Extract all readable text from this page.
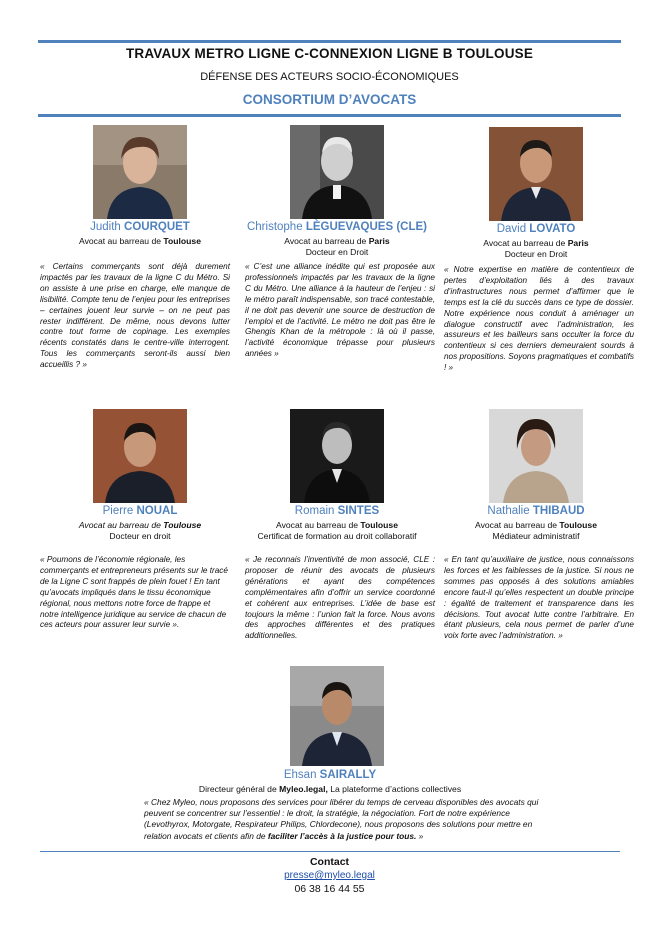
TRAVAUX METRO LIGNE C-CONNEXION LIGNE B TOULOUSE
DÉFENSE DES ACTEURS SOCIO-ÉCONOMIQUES
CONSORTIUM D’AVOCATS
Judith COURQUET
Avocat au barreau de Toulouse
Christophe LÈGUEVAQUES (CLE)
Avocat au barreau de Paris
Docteur en Droit
David LOVATO
Avocat au barreau de Paris
Docteur en Droit
« Certains commerçants sont déjà durement impactés par les travaux de la ligne C du Métro. Si on assiste à une prise en charge, elle manque de lisibilité. Compte tenu de l’enjeu pour les entreprises – certaines jouent leur survie – on ne peut pas rester indifférent. De même, nous devons lutter contre tout forme de copinage. Les exemples récents constatés dans le centre-ville interrogent. Tous les commerçants seront-ils aussi bien accueillis ? »
« C’est une alliance inédite qui est proposée aux professionnels impactés par les travaux de la ligne C du Métro. Une alliance à la hauteur de l’enjeu : si le métro paraît indispensable, son tracé contestable, il ne doit pas devenir une source de destruction de l’emploi et de l’activité. Le métro ne doit pas être le Ghengis Khan de la métropole : là où il passe, l’activité économique trépasse pour plusieurs années »
« Notre expertise en matière de contentieux de pertes d’exploitation liés à des travaux d’infrastructures nous permet d’affirmer que le temps est la clé du succès dans ce type de dossier. Notre expérience nous conduit à aménager un dialogue constructif avec l’administration, les assureurs et les bailleurs sans occulter la force du contentieux si ces derniers demeuraient sourds à nos propositions. Soyons pragmatiques et combatifs ! »
Pierre NOUAL
Avocat au barreau de Toulouse
Docteur en droit
Romain SINTES
Avocat au barreau de Toulouse
Certificat de formation au droit collaboratif
Nathalie THIBAUD
Avocat au barreau de Toulouse
Médiateur administratif
« Poumons de l’économie régionale, les commerçants et entrepreneurs présents sur le tracé de la Ligne C sont frappés de plein fouet ! En tant qu’avocats impliqués dans le tissu économique régional, nous mettons notre force de frappe et notre intelligence juridique au service de chacun de ces acteurs pour assurer leur survie ».
« Je reconnais l’inventivité de mon associé, CLE : proposer de réunir des avocats de plusieurs générations et ayant des compétences complémentaires afin d’offrir un service coordonné et cohérent aux entreprises. L’idée de base est toujours la même : l’union fait la force. Nous avons des approches différentes et des pratiques additionnelles.
« En tant qu’auxiliaire de justice, nous connaissons les forces et les faiblesses de la justice. Si nous ne sommes pas opposés à des solutions amiables encore faut-il qu’elles respectent un double principe : égalité de traitement et transparence dans les décisions. Tout avocat lutte contre l’arbitraire. En étant plusieurs, cela nous permet de parler d’une voix forte avec l’administration. »
Ehsan SAIRALLY
Directeur général de Myleo.legal, La plateforme d’actions collectives
« Chez Myleo, nous proposons des services pour libérer du temps de cerveau disponibles des avocats qui peuvent se concentrer sur l’essentiel : le droit, la stratégie, la négociation. Fort de notre expérience (Levothyrox, Motorgate, Respirateur Philips, Chlordecone), nous proposons des solutions pour mettre en relation avocats et clients afin de faciliter l’accès à la justice pour tous. »
Contact
presse@myleo.legal
06 38 16 44 55
